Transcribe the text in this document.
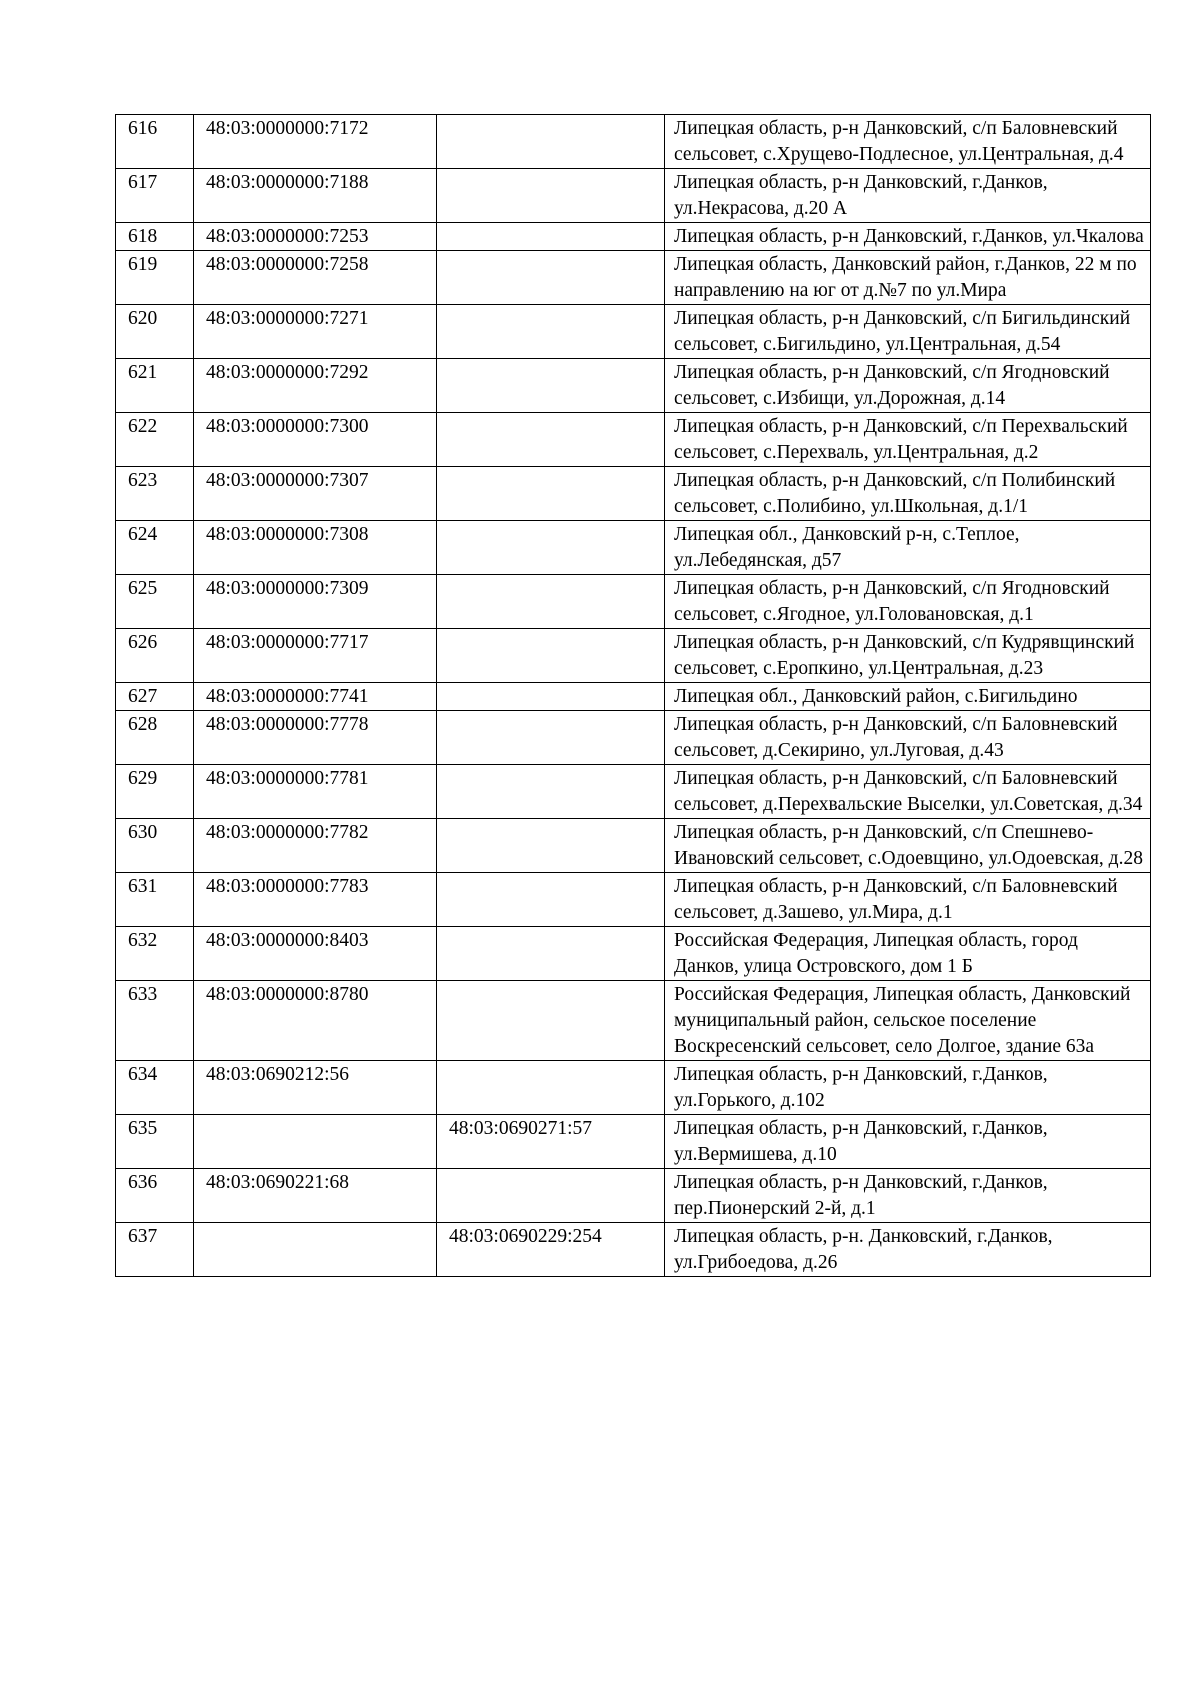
616	48:03:0000000:7172		Липецкая область, р-н Данковский, с/п Баловневский сельсовет, с.Хрущево-Подлесное, ул.Центральная, д.4
617	48:03:0000000:7188		Липецкая область, р-н Данковский, г.Данков, ул.Некрасова, д.20 А
618	48:03:0000000:7253		Липецкая область, р-н Данковский, г.Данков, ул.Чкалова
619	48:03:0000000:7258		Липецкая область, Данковский район, г.Данков, 22 м по направлению на юг от д.№7 по ул.Мира
620	48:03:0000000:7271		Липецкая область, р-н Данковский, с/п Бигильдинский сельсовет, с.Бигильдино, ул.Центральная, д.54
621	48:03:0000000:7292		Липецкая область, р-н Данковский, с/п Ягодновский сельсовет, с.Избищи, ул.Дорожная, д.14
622	48:03:0000000:7300		Липецкая область, р-н Данковский, с/п Перехвальский сельсовет, с.Перехваль, ул.Центральная, д.2
623	48:03:0000000:7307		Липецкая область, р-н Данковский, с/п Полибинский сельсовет, с.Полибино, ул.Школьная, д.1/1
624	48:03:0000000:7308		Липецкая обл., Данковский р-н, с.Теплое, ул.Лебедянская, д57
625	48:03:0000000:7309		Липецкая область, р-н Данковский, с/п Ягодновский сельсовет, с.Ягодное, ул.Головановская, д.1
626	48:03:0000000:7717		Липецкая область, р-н Данковский, с/п Кудрявщинский сельсовет, с.Еропкино, ул.Центральная, д.23
627	48:03:0000000:7741		Липецкая обл., Данковский район, с.Бигильдино
628	48:03:0000000:7778		Липецкая область, р-н Данковский, с/п Баловневский сельсовет, д.Секирино, ул.Луговая, д.43
629	48:03:0000000:7781		Липецкая область, р-н Данковский, с/п Баловневский сельсовет, д.Перехвальские Выселки, ул.Советская, д.34
630	48:03:0000000:7782		Липецкая область, р-н Данковский, с/п Спешнево-Ивановский сельсовет, с.Одоевщино, ул.Одоевская, д.28
631	48:03:0000000:7783		Липецкая область, р-н Данковский, с/п Баловневский сельсовет, д.Зашево, ул.Мира, д.1
632	48:03:0000000:8403		Российская Федерация, Липецкая область, город Данков, улица Островского, дом 1 Б
633	48:03:0000000:8780		Российская Федерация, Липецкая область, Данковский муниципальный район, сельское поселение Воскресенский сельсовет, село Долгое, здание 63а
634	48:03:0690212:56		Липецкая область, р-н Данковский, г.Данков, ул.Горького, д.102
635		48:03:0690271:57	Липецкая область, р-н Данковский, г.Данков, ул.Вермишева, д.10
636	48:03:0690221:68		Липецкая область, р-н Данковский, г.Данков, пер.Пионерский 2-й, д.1
637		48:03:0690229:254	Липецкая область, р-н. Данковский, г.Данков, ул.Грибоедова, д.26
